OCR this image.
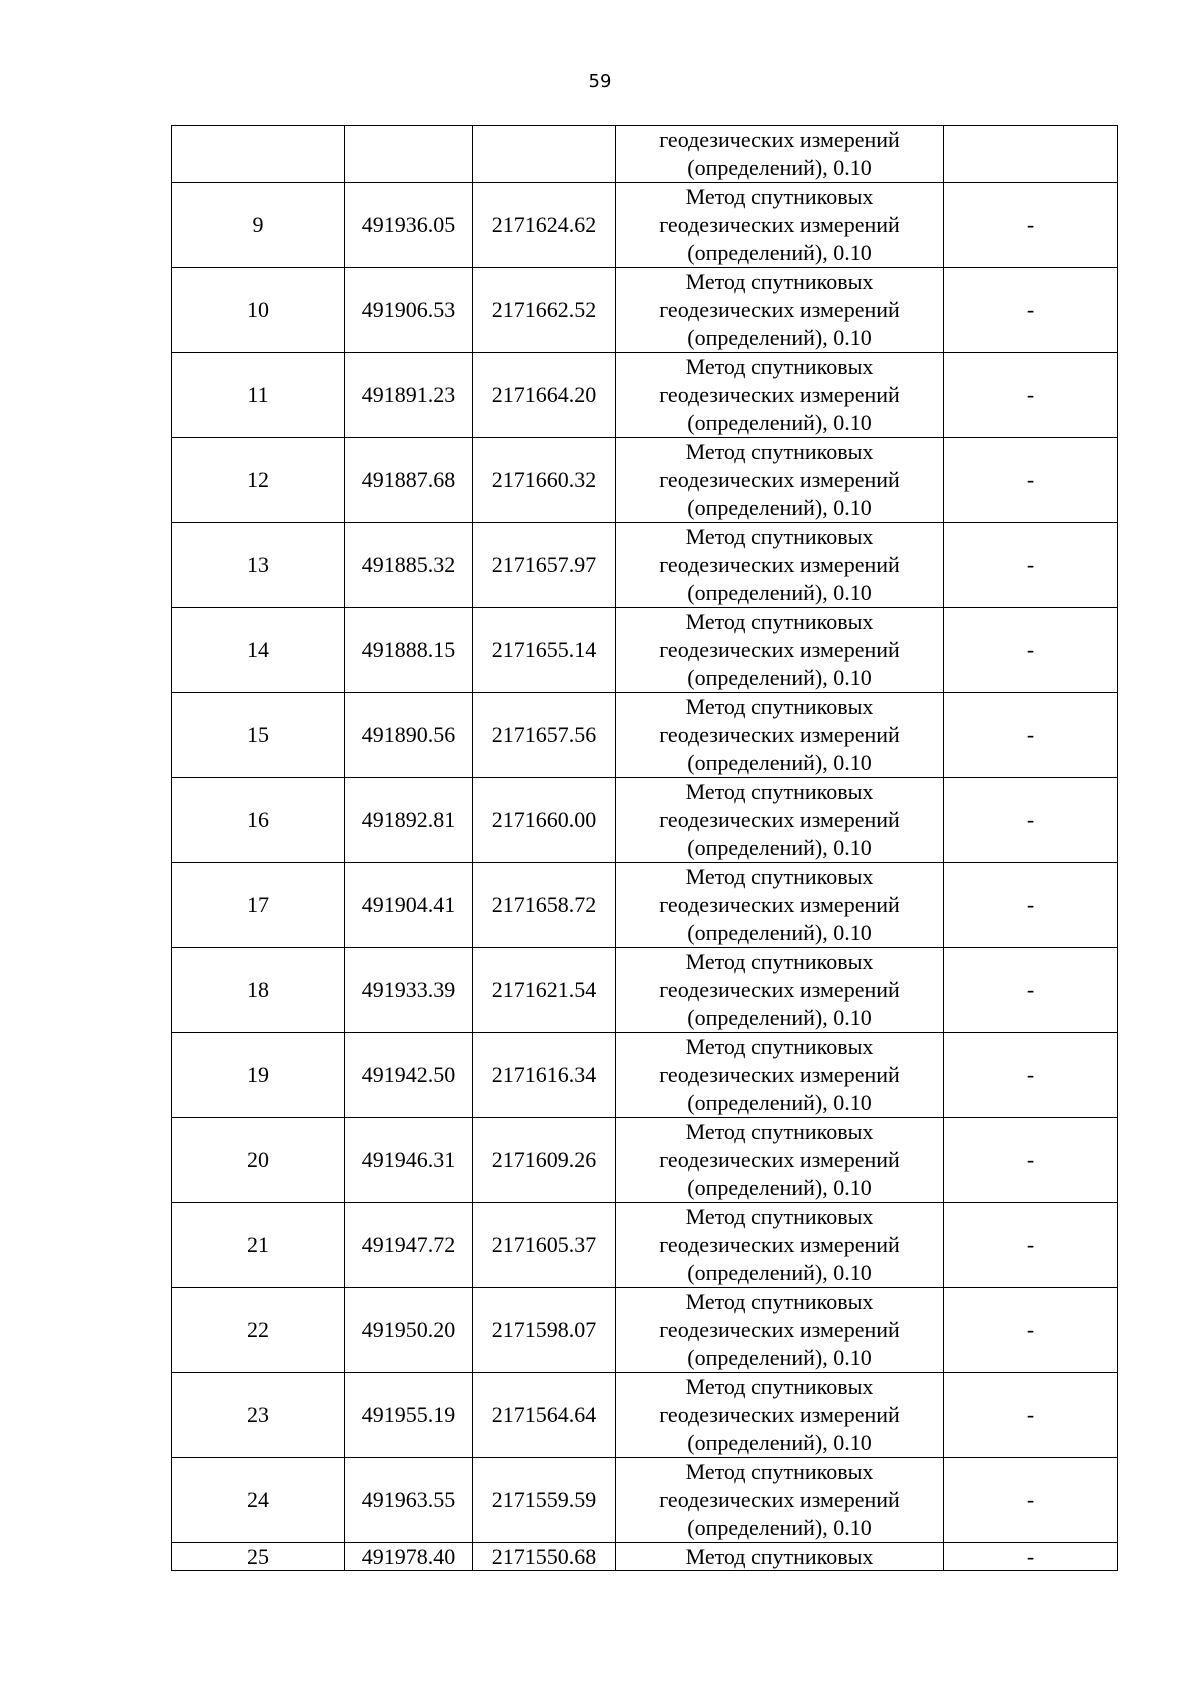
59

			геодезических измерений
(определений), 0.10	

9	491936.05	2171624.62	Метод спутниковых
геодезических измерений
(определений), 0.10	-
10	491906.53	2171662.52	Метод спутниковых
геодезических измерений
(определений), 0.10	-
11	491891.23	2171664.20	Метод спутниковых
геодезических измерений
(определений), 0.10	-
12	491887.68	2171660.32	Метод спутниковых
геодезических измерений
(определений), 0.10	-
13	491885.32	2171657.97	Метод спутниковых
геодезических измерений
(определений), 0.10	-
14	491888.15	2171655.14	Метод спутниковых
геодезических измерений
(определений), 0.10	-
15	491890.56	2171657.56	Метод спутниковых
геодезических измерений
(определений), 0.10	-
16	491892.81	2171660.00	Метод спутниковых
геодезических измерений
(определений), 0.10	-
17	491904.41	2171658.72	Метод спутниковых
геодезических измерений
(определений), 0.10	-
18	491933.39	2171621.54	Метод спутниковых
геодезических измерений
(определений), 0.10	-
19	491942.50	2171616.34	Метод спутниковых
геодезических измерений
(определений), 0.10	-
20	491946.31	2171609.26	Метод спутниковых
геодезических измерений
(определений), 0.10	-
21	491947.72	2171605.37	Метод спутниковых
геодезических измерений
(определений), 0.10	-
22	491950.20	2171598.07	Метод спутниковых
геодезических измерений
(определений), 0.10	-
23	491955.19	2171564.64	Метод спутниковых
геодезических измерений
(определений), 0.10	-
24	491963.55	2171559.59	Метод спутниковых
геодезических измерений
(определений), 0.10	-
25	491978.40	2171550.68	Метод спутниковых	-
